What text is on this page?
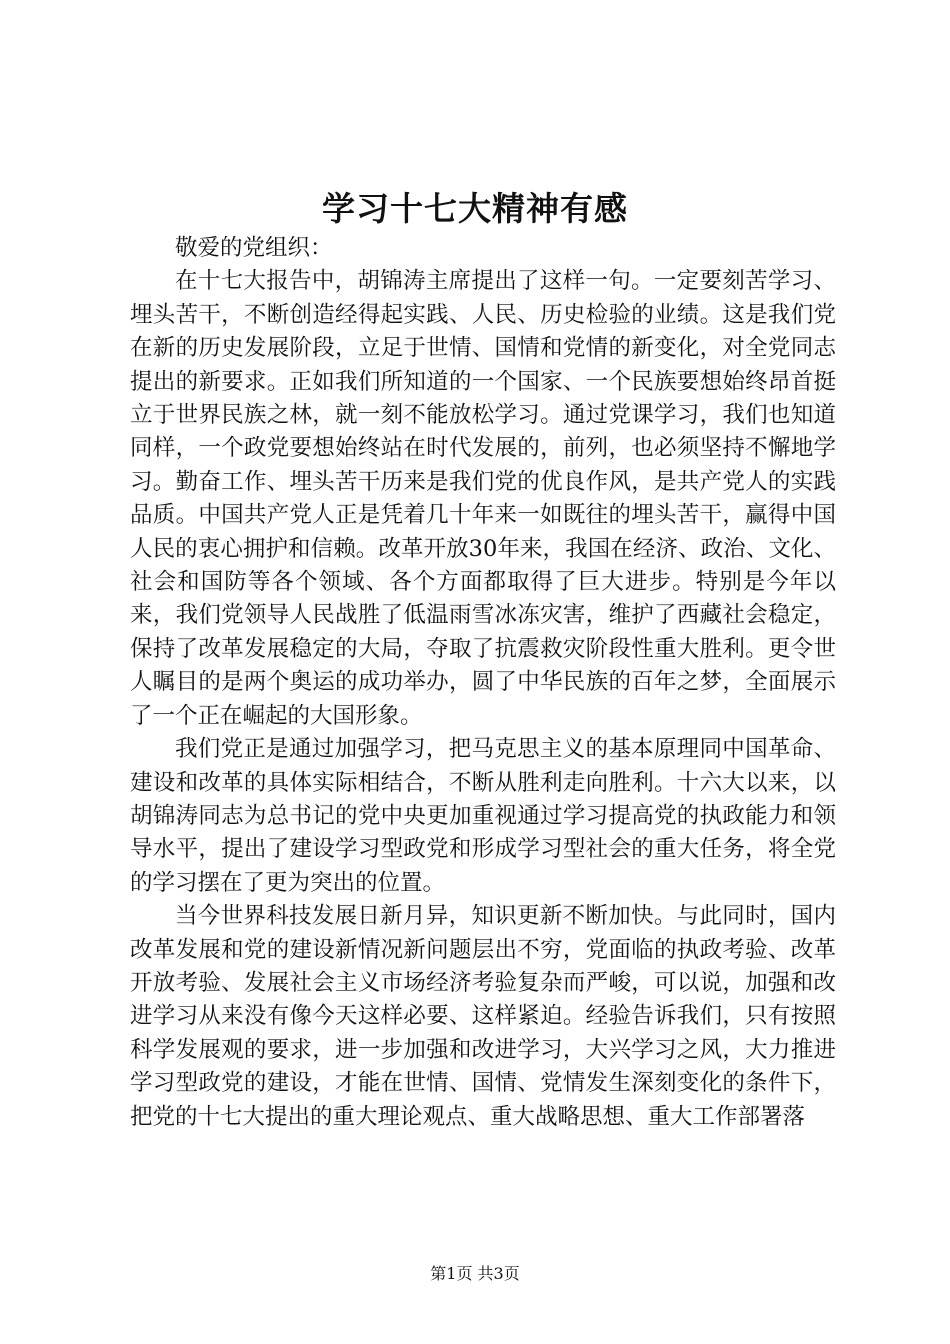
学习十七大精神有感

敬爱的党组织：

在十七大报告中，胡锦涛主席提出了这样一句。一定要刻苦学习、埋头苦干，不断创造经得起实践、人民、历史检验的业绩。这是我们党在新的历史发展阶段，立足于世情、国情和党情的新变化，对全党同志提出的新要求。正如我们所知道的一个国家、一个民族要想始终昂首挺立于世界民族之林，就一刻不能放松学习。通过党课学习，我们也知道同样，一个政党要想始终站在时代发展的，前列，也必须坚持不懈地学习。勤奋工作、埋头苦干历来是我们党的优良作风，是共产党人的实践品质。中国共产党人正是凭着几十年来一如既往的埋头苦干，赢得中国人民的衷心拥护和信赖。改革开放30年来，我国在经济、政治、文化、社会和国防等各个领域、各个方面都取得了巨大进步。特别是今年以来，我们党领导人民战胜了低温雨雪冰冻灾害，维护了西藏社会稳定，保持了改革发展稳定的大局，夺取了抗震救灾阶段性重大胜利。更令世人瞩目的是两个奥运的成功举办，圆了中华民族的百年之梦，全面展示了一个正在崛起的大国形象。

我们党正是通过加强学习，把马克思主义的基本原理同中国革命、建设和改革的具体实际相结合，不断从胜利走向胜利。十六大以来，以胡锦涛同志为总书记的党中央更加重视通过学习提高党的执政能力和领导水平，提出了建设学习型政党和形成学习型社会的重大任务，将全党的学习摆在了更为突出的位置。

当今世界科技发展日新月异，知识更新不断加快。与此同时，国内改革发展和党的建设新情况新问题层出不穷，党面临的执政考验、改革开放考验、发展社会主义市场经济考验复杂而严峻，可以说，加强和改进学习从来没有像今天这样必要、这样紧迫。经验告诉我们，只有按照科学发展观的要求，进一步加强和改进学习，大兴学习之风，大力推进学习型政党的建设，才能在世情、国情、党情发生深刻变化的条件下，把党的十七大提出的重大理论观点、重大战略思想、重大工作部署落

第1页 共3页
